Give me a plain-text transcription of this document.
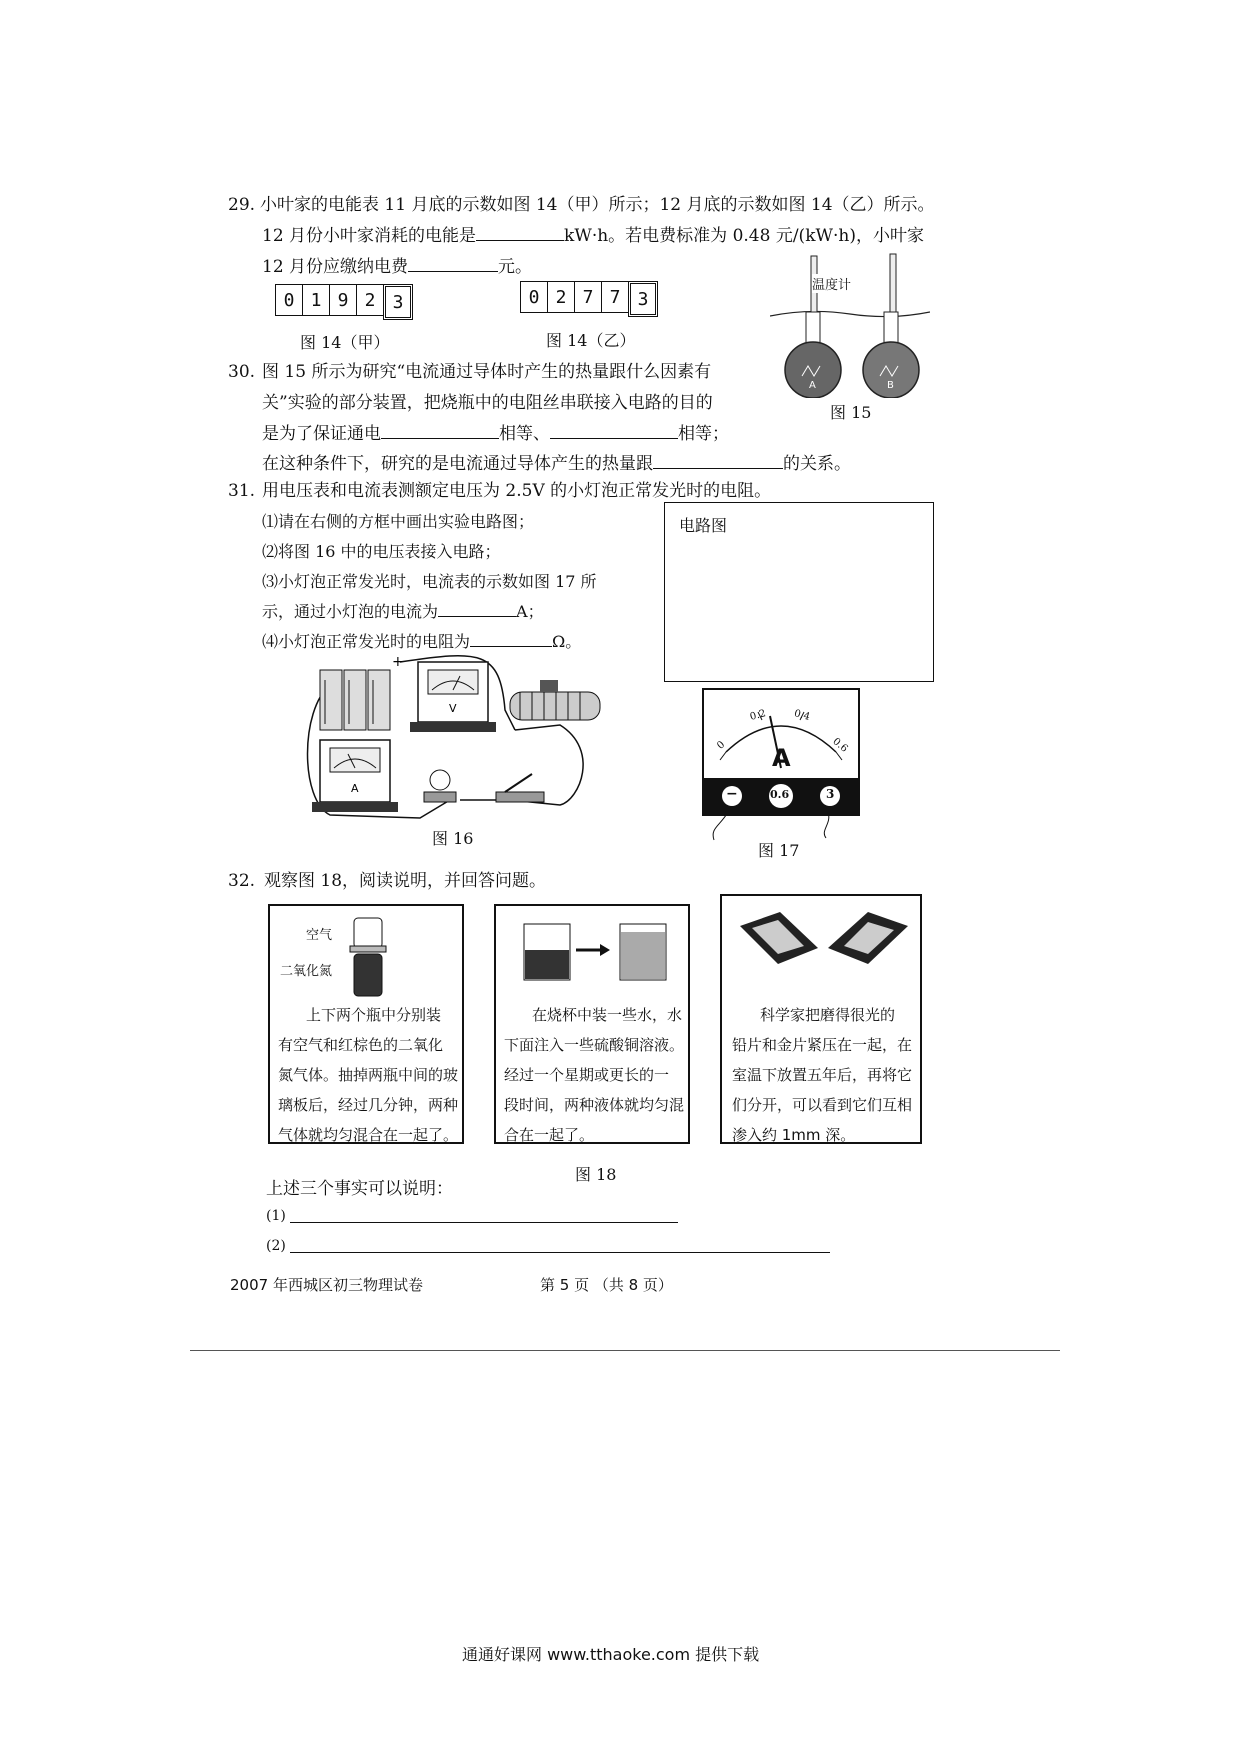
29. 小叶家的电能表 11 月底的示数如图 14（甲）所示；12 月底的示数如图 14（乙）所示。
12 月份小叶家消耗的电能是	kW·h。若电费标准为 0.48 元/(kW·h)，小叶家
12 月份应缴纳电费	元。
0 1 9 2 3	0 2 7 7 3
图 14（甲）	图 14（乙）
A	B
温度计
图 15
30. 图 15 所示为研究“电流通过导体时产生的热量跟什么因素有
关”实验的部分装置，把烧瓶中的电阻丝串联接入电路的目的
是为了保证通电	相等、	相等；
在这种条件下，研究的是电流通过导体产生的热量跟	的关系。
31. 用电压表和电流表测额定电压为 2.5V 的小灯泡正常发光时的电阻。
⑴请在右侧的方框中画出实验电路图；
⑵将图 16 中的电压表接入电路；
⑶小灯泡正常发光时，电流表的示数如图 17 所
示，通过小灯泡的电流为	A；
⑷小灯泡正常发光时的电阻为	Ω。
电路图
+
V
A
图 16
0
0.2	0.4
0.6
A
−	0.6	3
图 17
32. 观察图 18，阅读说明，并回答问题。
空气
二氧化氮
上下两个瓶中分别装
有空气和红棕色的二氧化
氮气体。抽掉两瓶中间的玻
璃板后，经过几分钟，两种
气体就均匀混合在一起了。
在烧杯中装一些水，水
下面注入一些硫酸铜溶液。
经过一个星期或更长的一
段时间，两种液体就均匀混
合在一起了。
科学家把磨得很光的
铅片和金片紧压在一起，在
室温下放置五年后，再将它
们分开，可以看到它们互相
渗入约 1mm 深。
图 18
上述三个事实可以说明：
(1)
(2)
2007 年西城区初三物理试卷	第 5 页 （共 8 页）
通通好课网 www.tthaoke.com 提供下载
